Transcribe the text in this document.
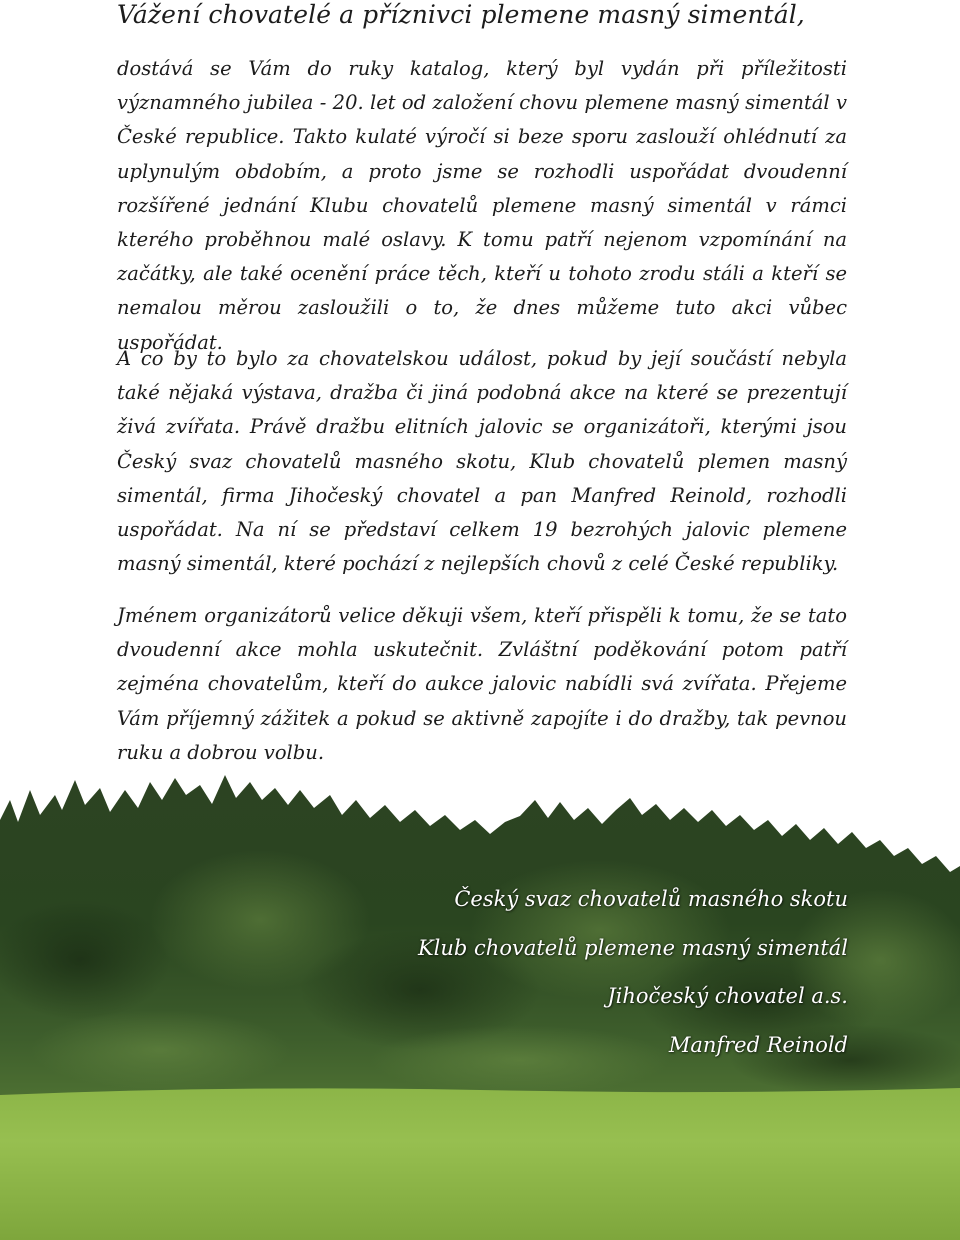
Vážení chovatelé a příznivci plemene masný simentál,

dostává se Vám do ruky katalog, který byl vydán při příležitosti významného jubilea - 20. let od založení chovu plemene masný simentál v České republice. Takto kulaté výročí si beze sporu zaslouží ohlédnutí za uplynulým obdobím, a proto jsme se rozhodli uspořádat dvoudenní rozšířené jednání Klubu chovatelů plemene masný simentál v rámci kterého proběhnou malé oslavy. K tomu patří nejenom vzpomínání na začátky, ale také ocenění práce těch, kteří u tohoto zrodu stáli a kteří se nemalou měrou zasloužili o to, že dnes můžeme tuto akci vůbec uspořádat.

A co by to bylo za chovatelskou událost, pokud by její součástí nebyla také nějaká výstava, dražba či jiná podobná akce na které se prezentují živá zvířata. Právě dražbu elitních jalovic se organizátoři, kterými jsou Český svaz chovatelů masného skotu, Klub chovatelů plemen masný simentál, firma Jihočeský chovatel a pan Manfred Reinold, rozhodli uspořádat. Na ní se představí celkem 19 bezrohých jalovic plemene masný simentál, které pochází z nejlepších chovů z celé České republiky.

Jménem organizátorů velice děkuji všem, kteří přispěli k tomu, že se tato dvoudenní akce mohla uskutečnit. Zvláštní poděkování potom patří zejména chovatelům, kteří do aukce jalovic nabídli svá zvířata. Přejeme Vám příjemný zážitek a pokud se aktivně zapojíte i do dražby, tak pevnou ruku a dobrou volbu.

Český svaz chovatelů masného skotu
Klub chovatelů plemene masný simentál
Jihočeský chovatel a.s.
Manfred Reinold
